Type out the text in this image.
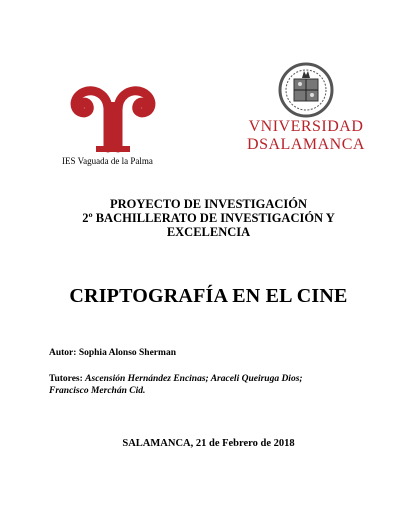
IES Vaguada de la Palma
VNIVERSIDAD
DSALAMANCA
PROYECTO DE INVESTIGACIÓN
2º BACHILLERATO DE INVESTIGACIÓN Y
EXCELENCIA
CRIPTOGRAFÍA EN EL CINE
Autor: Sophia Alonso Sherman
Tutores: Ascensión Hernández Encinas; Araceli Queiruga Dios;
Francisco Merchán Cid.
SALAMANCA, 21 de Febrero de 2018
